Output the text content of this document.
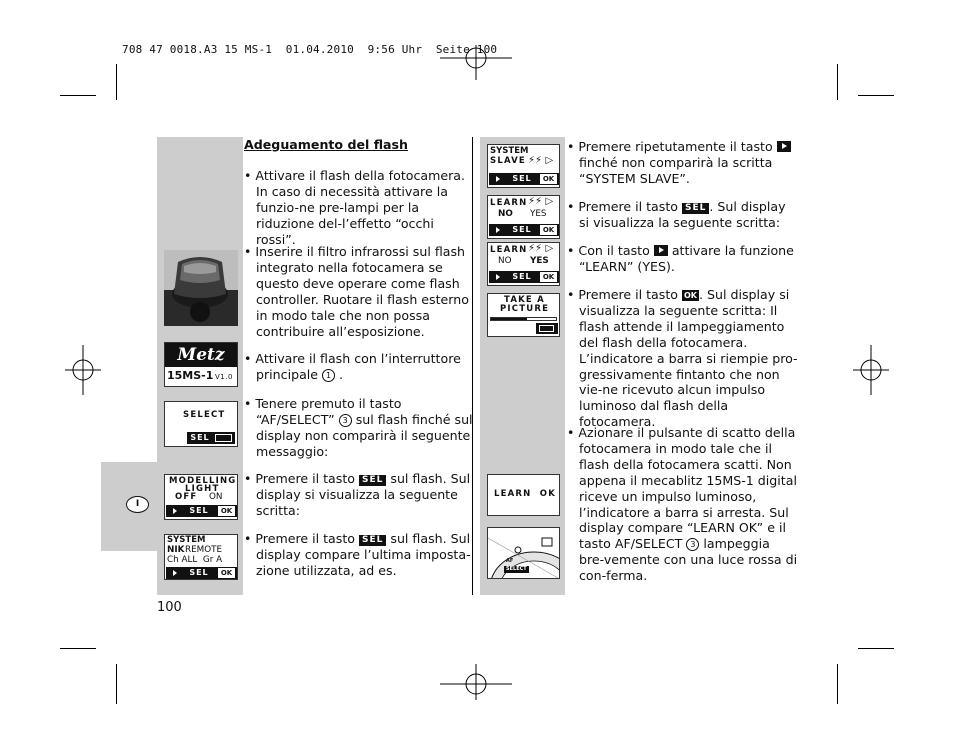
708 47 0018.A3 15 MS-1  01.04.2010  9:56 Uhr  Seite 100
I
100
Metz
15MS-1 V1.0
SELECT
SEL
MODELLING
LIGHT
OFF ON
SEL	OK
SYSTEM
NIK REMOTE
Ch ALL  Gr A
SEL	OK
SYSTEM
SLAVE ⚡⚡ ▷
SEL	OK
LEARN ⚡⚡ ▷
NO YES
SEL	OK
LEARN ⚡⚡ ▷
NO YES
SEL	OK
TAKE A
PICTURE
LEARN  OK
SELECT
AF
Adeguamento del flash
• Attivare il flash della fotocamera. In caso di necessità attivare la funzio-ne pre-lampi per la riduzione del-l’effetto “occhi rossi”.
• Inserire il filtro infrarossi sul flash integrato nella fotocamera se questo deve operare come flash controller. Ruotare il flash esterno in modo tale che non possa contribuire all’esposizione.
• Attivare il flash con l’interruttore principale 1 .
• Tenere premuto il tasto “AF/SELECT” 3 sul flash finché sul display non comparirà il seguente messaggio:
• Premere il tasto SEL sul flash. Sul display si visualizza la seguente scritta:
• Premere il tasto SEL sul flash. Sul display compare l’ultima imposta-zione utilizzata, ad es.
• Premere ripetutamente il tasto  finché non comparirà la scritta “SYSTEM SLAVE”.
• Premere il tasto SEL . Sul display si visualizza la seguente scritta:
• Con il tasto attivare la funzione “LEARN” (YES).
• Premere il tasto OK . Sul display si visualizza la seguente scritta: Il flash attende il lampeggiamento del flash della fotocamera. L’indicatore a barra si riempie pro-gressivamente fintanto che non vie-ne ricevuto alcun impulso luminoso dal flash della fotocamera.
• Azionare il pulsante di scatto della fotocamera in modo tale che il flash della fotocamera scatti. Non appena il mecablitz 15MS-1 digital riceve un impulso luminoso, l’indicatore a barra si arresta. Sul display compare “LEARN OK” e il tasto AF/SELECT 3 lampeggia bre-vemente con una luce rossa di con-ferma.
